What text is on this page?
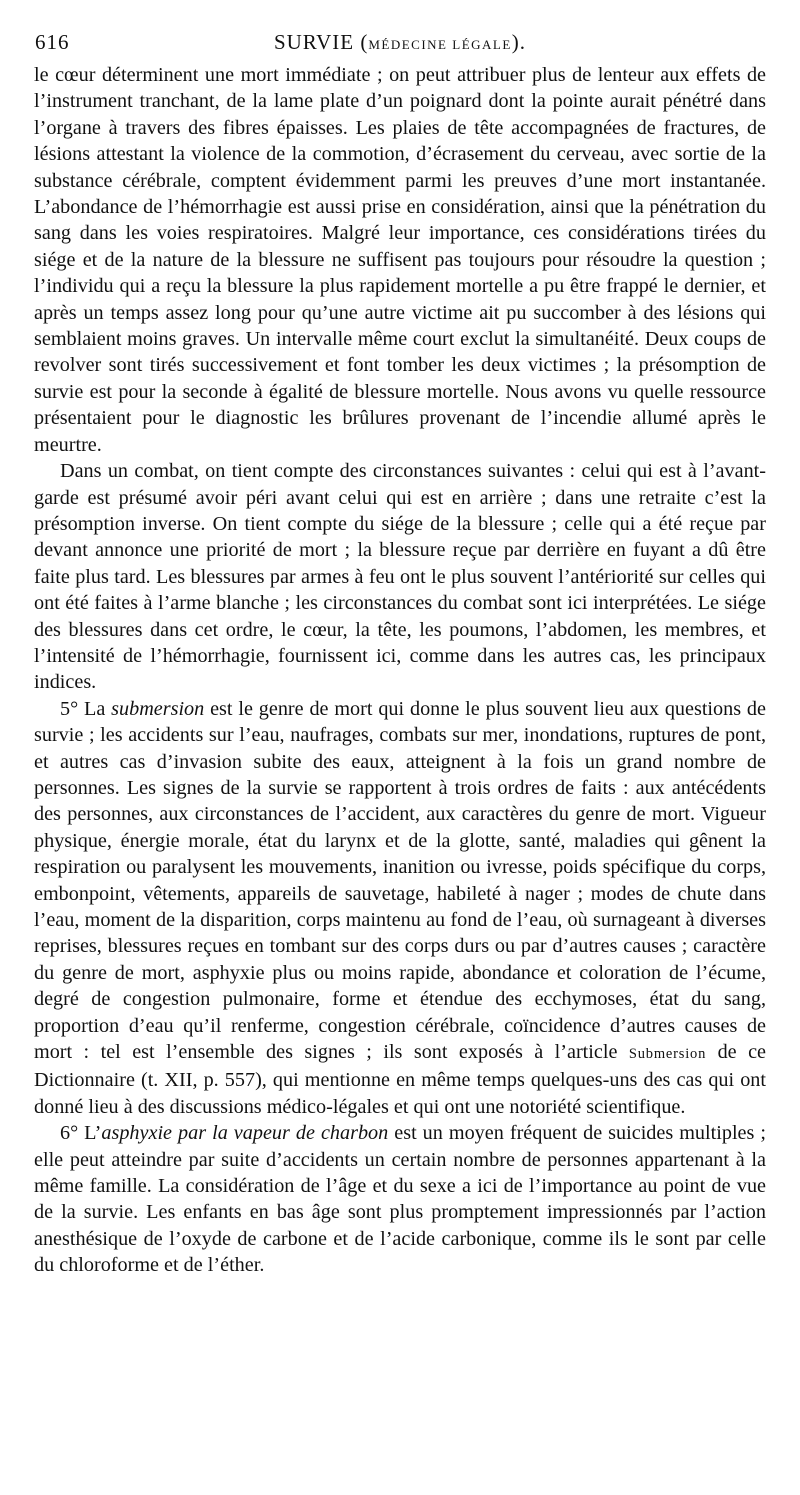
616	SURVIE (MÉDECINE LÉGALE).

le cœur déterminent une mort immédiate ; on peut attribuer plus de lenteur aux effets de l’instrument tranchant, de la lame plate d’un poignard dont la pointe aurait pénétré dans l’organe à travers des fibres épaisses. Les plaies de tête accompagnées de fractures, de lésions attestant la violence de la commotion, d’écrasement du cerveau, avec sortie de la substance cérébrale, comptent évidemment parmi les preuves d’une mort instantanée. L’abondance de l’hémorrhagie est aussi prise en considération, ainsi que la pénétration du sang dans les voies respiratoires. Malgré leur importance, ces considérations tirées du siége et de la nature de la blessure ne suffisent pas toujours pour résoudre la question ; l’individu qui a reçu la blessure la plus rapidement mortelle a pu être frappé le dernier, et après un temps assez long pour qu’une autre victime ait pu succomber à des lésions qui semblaient moins graves. Un intervalle même court exclut la simultanéité. Deux coups de revolver sont tirés successivement et font tomber les deux victimes ; la présomption de survie est pour la seconde à égalité de blessure mortelle. Nous avons vu quelle ressource présentaient pour le diagnostic les brûlures provenant de l’incendie allumé après le meurtre.

Dans un combat, on tient compte des circonstances suivantes : celui qui est à l’avant-garde est présumé avoir péri avant celui qui est en arrière ; dans une retraite c’est la présomption inverse. On tient compte du siége de la blessure ; celle qui a été reçue par devant annonce une priorité de mort ; la blessure reçue par derrière en fuyant a dû être faite plus tard. Les blessures par armes à feu ont le plus souvent l’antériorité sur celles qui ont été faites à l’arme blanche ; les circonstances du combat sont ici interprétées. Le siége des blessures dans cet ordre, le cœur, la tête, les poumons, l’abdomen, les membres, et l’intensité de l’hémorrhagie, fournissent ici, comme dans les autres cas, les principaux indices.

5° La submersion est le genre de mort qui donne le plus souvent lieu aux questions de survie ; les accidents sur l’eau, naufrages, combats sur mer, inondations, ruptures de pont, et autres cas d’invasion subite des eaux, atteignent à la fois un grand nombre de personnes. Les signes de la survie se rapportent à trois ordres de faits : aux antécédents des personnes, aux circonstances de l’accident, aux caractères du genre de mort. Vigueur physique, énergie morale, état du larynx et de la glotte, santé, maladies qui gênent la respiration ou paralysent les mouvements, inanition ou ivresse, poids spécifique du corps, embonpoint, vêtements, appareils de sauvetage, habileté à nager ; modes de chute dans l’eau, moment de la disparition, corps maintenu au fond de l’eau, où surnageant à diverses reprises, blessures reçues en tombant sur des corps durs ou par d’autres causes ; caractère du genre de mort, asphyxie plus ou moins rapide, abondance et coloration de l’écume, degré de congestion pulmonaire, forme et étendue des ecchymoses, état du sang, proportion d’eau qu’il renferme, congestion cérébrale, coïncidence d’autres causes de mort : tel est l’ensemble des signes ; ils sont exposés à l’article Submersion de ce Dictionnaire (t. XII, p. 557), qui mentionne en même temps quelques-uns des cas qui ont donné lieu à des discussions médico-légales et qui ont une notoriété scientifique.

6° L’asphyxie par la vapeur de charbon est un moyen fréquent de suicides multiples ; elle peut atteindre par suite d’accidents un certain nombre de personnes appartenant à la même famille. La considération de l’âge et du sexe a ici de l’importance au point de vue de la survie. Les enfants en bas âge sont plus promptement impressionnés par l’action anesthésique de l’oxyde de carbone et de l’acide carbonique, comme ils le sont par celle du chloroforme et de l’éther.
